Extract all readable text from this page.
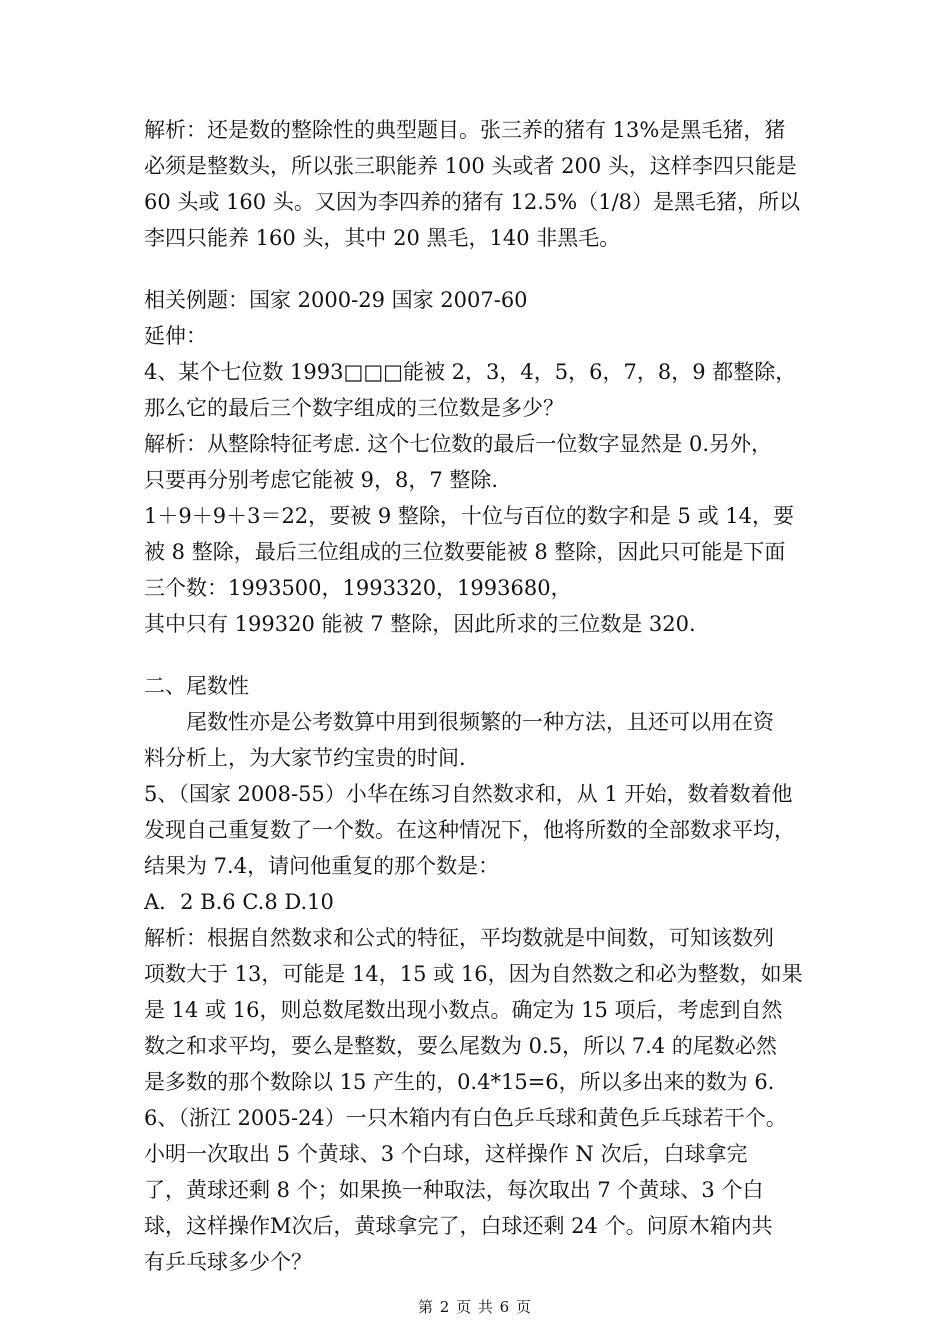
解析：还是数的整除性的典型题目。张三养的猪有 13%是黑毛猪，猪
必须是整数头，所以张三职能养 100 头或者 200 头，这样李四只能是
60 头或 160 头。又因为李四养的猪有 12.5%（1/8）是黑毛猪，所以
李四只能养 160 头，其中 20 黑毛，140 非黑毛。
相关例题：国家 2000-29 国家 2007-60
延伸：
4、某个七位数 1993□□□能被 2，3，4，5，6，7，8，9 都整除，
那么它的最后三个数字组成的三位数是多少？
解析：从整除特征考虑. 这个七位数的最后一位数字显然是 0.另外，
只要再分别考虑它能被 9，8，7 整除.
1＋9＋9＋3＝22，要被 9 整除，十位与百位的数字和是 5 或 14，要
被 8 整除，最后三位组成的三位数要能被 8 整除，因此只可能是下面
三个数：1993500，1993320，1993680，
其中只有 199320 能被 7 整除，因此所求的三位数是 320.
二、尾数性
尾数性亦是公考数算中用到很频繁的一种方法，且还可以用在资
料分析上，为大家节约宝贵的时间.
5、（国家 2008-55）小华在练习自然数求和，从 1 开始，数着数着他
发现自己重复数了一个数。在这种情况下，他将所数的全部数求平均，
结果为 7.4，请问他重复的那个数是：
A．2 B.6 C.8 D.10
解析：根据自然数求和公式的特征，平均数就是中间数，可知该数列
项数大于 13，可能是 14，15 或 16，因为自然数之和必为整数，如果
是 14 或 16，则总数尾数出现小数点。确定为 15 项后，考虑到自然
数之和求平均，要么是整数，要么尾数为 0.5，所以 7.4 的尾数必然
是多数的那个数除以 15 产生的，0.4*15=6，所以多出来的数为 6.
6、（浙江 2005-24）一只木箱内有白色乒乓球和黄色乒乓球若干个。
小明一次取出 5 个黄球、3 个白球，这样操作 N 次后，白球拿完
了，黄球还剩 8 个；如果换一种取法，每次取出 7 个黄球、3 个白
球，这样操作M次后，黄球拿完了，白球还剩 24 个。问原木箱内共
有乒乓球多少个？
第 2 页 共 6 页
